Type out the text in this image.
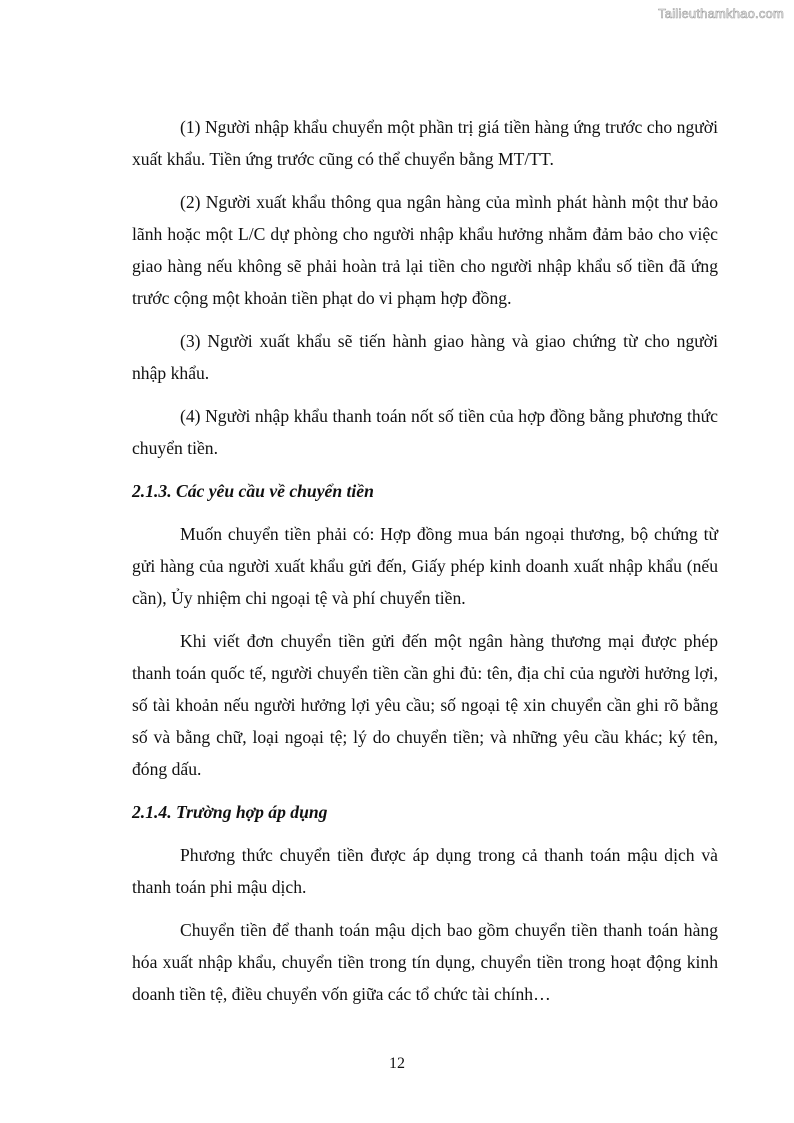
Tailieuthamkhao.com

(1) Người nhập khẩu chuyển một phần trị giá tiền hàng ứng trước cho người xuất khẩu. Tiền ứng trước cũng có thể chuyển bằng MT/TT.

(2) Người xuất khẩu thông qua ngân hàng của mình phát hành một thư bảo lãnh hoặc một L/C dự phòng cho người nhập khẩu hưởng nhằm đảm bảo cho việc giao hàng nếu không sẽ phải hoàn trả lại tiền cho người nhập khẩu số tiền đã ứng trước cộng một khoản tiền phạt do vi phạm hợp đồng.

(3) Người xuất khẩu sẽ tiến hành giao hàng và giao chứng từ cho người nhập khẩu.

(4) Người nhập khẩu thanh toán nốt số tiền của hợp đồng bằng phương thức chuyển tiền.

2.1.3. Các yêu cầu về chuyển tiền

Muốn chuyển tiền phải có: Hợp đồng mua bán ngoại thương, bộ chứng từ gửi hàng của người xuất khẩu gửi đến, Giấy phép kinh doanh xuất nhập khẩu (nếu cần), Ủy nhiệm chi ngoại tệ và phí chuyển tiền.

Khi viết đơn chuyển tiền gửi đến một ngân hàng thương mại được phép thanh toán quốc tế, người chuyển tiền cần ghi đủ: tên, địa chỉ của người hưởng lợi, số tài khoản nếu người hưởng lợi yêu cầu; số ngoại tệ xin chuyển cần ghi rõ bằng số và bằng chữ, loại ngoại tệ; lý do chuyển tiền; và những yêu cầu khác; ký tên, đóng dấu.

2.1.4. Trường hợp áp dụng

Phương thức chuyển tiền được áp dụng trong cả thanh toán mậu dịch và thanh toán phi mậu dịch.

Chuyển tiền để thanh toán mậu dịch bao gồm chuyển tiền thanh toán hàng hóa xuất nhập khẩu, chuyển tiền trong tín dụng, chuyển tiền trong hoạt động kinh doanh tiền tệ, điều chuyển vốn giữa các tổ chức tài chính…

12
